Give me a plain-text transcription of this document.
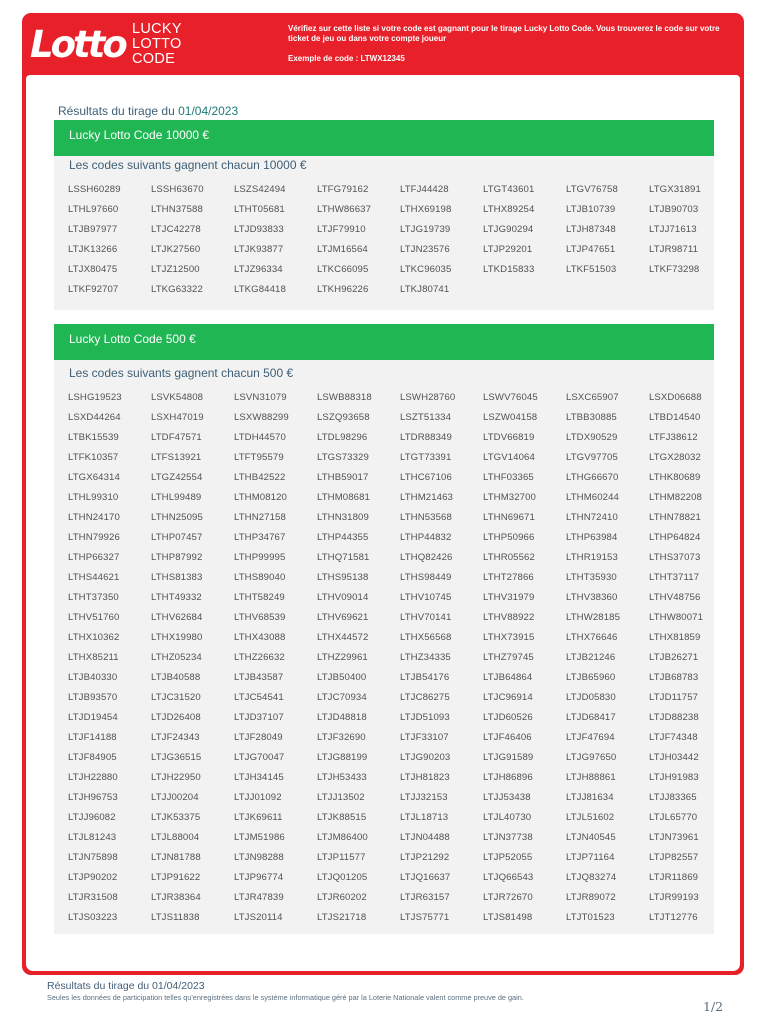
Lotto LUCKY
LOTTO
CODE
Vérifiez sur cette liste si votre code est gagnant pour le tirage Lucky Lotto Code. Vous trouverez le code sur votre ticket de jeu ou dans votre compte joueur
Exemple de code : LTWX12345
Résultats du tirage du 01/04/2023
Lucky Lotto Code 10000 €
Les codes suivants gagnent chacun 10000 €
LSSH60289	LSSH63670	LSZS42494	LTFG79162	LTFJ44428	LTGT43601	LTGV76758	LTGX31891
LTHL97660	LTHN37588	LTHT05681	LTHW86637	LTHX69198	LTHX89254	LTJB10739	LTJB90703
LTJB97977	LTJC42278	LTJD93833	LTJF79910	LTJG19739	LTJG90294	LTJH87348	LTJJ71613
LTJK13266	LTJK27560	LTJK93877	LTJM16564	LTJN23576	LTJP29201	LTJP47651	LTJR98711
LTJX80475	LTJZ12500	LTJZ96334	LTKC66095	LTKC96035	LTKD15833	LTKF51503	LTKF73298
LTKF92707	LTKG63322	LTKG84418	LTKH96226	LTKJ80741
Lucky Lotto Code 500 €
Les codes suivants gagnent chacun 500 €
LSHG19523	LSVK54808	LSVN31079	LSWB88318	LSWH28760	LSWV76045	LSXC65907	LSXD06688
LSXD44264	LSXH47019	LSXW88299	LSZQ93658	LSZT51334	LSZW04158	LTBB30885	LTBD14540
LTBK15539	LTDF47571	LTDH44570	LTDL98296	LTDR88349	LTDV66819	LTDX90529	LTFJ38612
LTFK10357	LTFS13921	LTFT95579	LTGS73329	LTGT73391	LTGV14064	LTGV97705	LTGX28032
LTGX64314	LTGZ42554	LTHB42522	LTHB59017	LTHC67106	LTHF03365	LTHG66670	LTHK80689
LTHL99310	LTHL99489	LTHM08120	LTHM08681	LTHM21463	LTHM32700	LTHM60244	LTHM82208
LTHN24170	LTHN25095	LTHN27158	LTHN31809	LTHN53568	LTHN69671	LTHN72410	LTHN78821
LTHN79926	LTHP07457	LTHP34767	LTHP44355	LTHP44832	LTHP50966	LTHP63984	LTHP64824
LTHP66327	LTHP87992	LTHP99995	LTHQ71581	LTHQ82426	LTHR05562	LTHR19153	LTHS37073
LTHS44621	LTHS81383	LTHS89040	LTHS95138	LTHS98449	LTHT27866	LTHT35930	LTHT37117
LTHT37350	LTHT49332	LTHT58249	LTHV09014	LTHV10745	LTHV31979	LTHV38360	LTHV48756
LTHV51760	LTHV62684	LTHV68539	LTHV69621	LTHV70141	LTHV88922	LTHW28185	LTHW80071
LTHX10362	LTHX19980	LTHX43088	LTHX44572	LTHX56568	LTHX73915	LTHX76646	LTHX81859
LTHX85211	LTHZ05234	LTHZ26632	LTHZ29961	LTHZ34335	LTHZ79745	LTJB21246	LTJB26271
LTJB40330	LTJB40588	LTJB43587	LTJB50400	LTJB54176	LTJB64864	LTJB65960	LTJB68783
LTJB93570	LTJC31520	LTJC54541	LTJC70934	LTJC86275	LTJC96914	LTJD05830	LTJD11757
LTJD19454	LTJD26408	LTJD37107	LTJD48818	LTJD51093	LTJD60526	LTJD68417	LTJD88238
LTJF14188	LTJF24343	LTJF28049	LTJF32690	LTJF33107	LTJF46406	LTJF47694	LTJF74348
LTJF84905	LTJG36515	LTJG70047	LTJG88199	LTJG90203	LTJG91589	LTJG97650	LTJH03442
LTJH22880	LTJH22950	LTJH34145	LTJH53433	LTJH81823	LTJH86896	LTJH88861	LTJH91983
LTJH96753	LTJJ00204	LTJJ01092	LTJJ13502	LTJJ32153	LTJJ53438	LTJJ81634	LTJJ83365
LTJJ96082	LTJK53375	LTJK69611	LTJK88515	LTJL18713	LTJL40730	LTJL51602	LTJL65770
LTJL81243	LTJL88004	LTJM51986	LTJM86400	LTJN04488	LTJN37738	LTJN40545	LTJN73961
LTJN75898	LTJN81788	LTJN98288	LTJP11577	LTJP21292	LTJP52055	LTJP71164	LTJP82557
LTJP90202	LTJP91622	LTJP96774	LTJQ01205	LTJQ16637	LTJQ66543	LTJQ83274	LTJR11869
LTJR31508	LTJR38364	LTJR47839	LTJR60202	LTJR63157	LTJR72670	LTJR89072	LTJR99193
LTJS03223	LTJS11838	LTJS20114	LTJS21718	LTJS75771	LTJS81498	LTJT01523	LTJT12776
Résultats du tirage du 01/04/2023
Seules les données de participation telles qu'enregistrées dans le système informatique géré par la Loterie Nationale valent comme preuve de gain.
1/2
